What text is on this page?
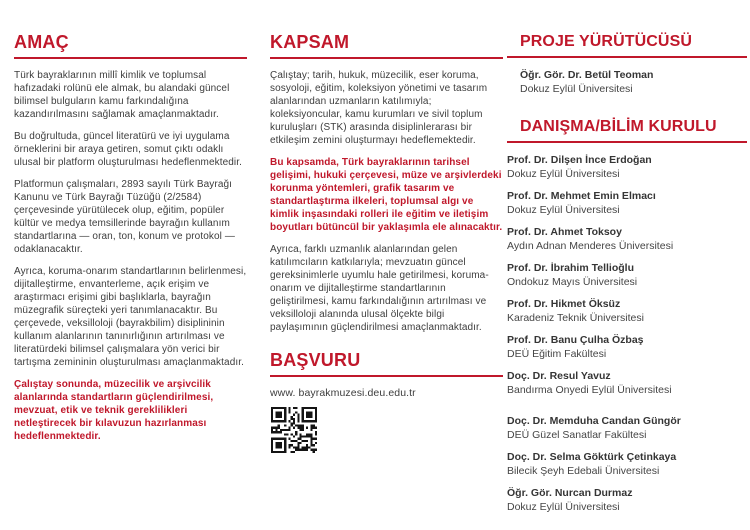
AMAÇ

Türk bayraklarının millî kimlik ve toplumsal hafızadaki rolünü ele almak, bu alandaki güncel bilimsel bulguların kamu farkındalığına kazandırılmasını sağlamak amaçlanmaktadır.

Bu doğrultuda, güncel literatürü ve iyi uygulama örneklerini bir araya getiren, somut çıktı odaklı ulusal bir platform oluşturulması hedeflenmektedir.

Platformun çalışmaları, 2893 sayılı Türk Bayrağı Kanunu ve Türk Bayrağı Tüzüğü (2/2584) çerçevesinde yürütülecek olup, eğitim, popüler kültür ve medya temsillerinde bayrağın kullanım standartlarına — oran, ton, konum ve protokol — odaklanacaktır.

Ayrıca, koruma-onarım standartlarının belirlenmesi, dijitalleştirme, envanterleme, açık erişim ve araştırmacı erişimi gibi başlıklarla, bayrağın müzegrafik süreçteki yeri tanımlanacaktır. Bu çerçevede, veksilloloji (bayrakbilim) disiplininin kullanım alanlarının tanınırlığının artırılması ve literatürdeki bilimsel çalışmalara yön verici bir tartışma zemininin oluşturulması amaçlanmaktadır.

Çalıştay sonunda, müzecilik ve arşivcilik alanlarında standartların güçlendirilmesi, mevzuat, etik ve teknik gereklilikleri netleştirecek bir kılavuzun hazırlanması hedeflenmektedir.

KAPSAM

Çalıştay; tarih, hukuk, müzecilik, eser koruma, sosyoloji, eğitim, koleksiyon yönetimi ve tasarım alanlarından uzmanların katılımıyla; koleksiyoncular, kamu kurumları ve sivil toplum kuruluşları (STK) arasında disiplinlerarası bir etkileşim zemini oluşturmayı hedeflemektedir.

Bu kapsamda, Türk bayraklarının tarihsel gelişimi, hukuki çerçevesi, müze ve arşivlerdeki korunma yöntemleri, grafik tasarım ve standartlaştırma ilkeleri, toplumsal algı ve kimlik inşasındaki rolleri ile eğitim ve iletişim boyutları bütüncül bir yaklaşımla ele alınacaktır.

Ayrıca, farklı uzmanlık alanlarından gelen katılımcıların katkılarıyla; mevzuatın güncel gereksinimlerle uyumlu hale getirilmesi, koruma-onarım ve dijitalleştirme standartlarının geliştirilmesi, kamu farkındalığının artırılması ve veksilloloji alanında ulusal ölçekte bilgi paylaşımının güçlendirilmesi amaçlanmaktadır.

BAŞVURU
www. bayrakmuzesi.deu.edu.tr
PROJE YÜRÜTÜCÜSÜ
Öğr. Gör. Dr. Betül Teoman
Dokuz Eylül Üniversitesi
DANIŞMA/BİLİM KURULU
Prof. Dr. Dilşen İnce Erdoğan
Dokuz Eylül Üniversitesi
Prof. Dr. Mehmet Emin Elmacı
Dokuz Eylül Üniversitesi
Prof. Dr. Ahmet Toksoy
Aydın Adnan Menderes Üniversitesi
Prof. Dr. İbrahim Tellioğlu
Ondokuz Mayıs Üniversitesi
Prof. Dr. Hikmet Öksüz
Karadeniz Teknik Üniversitesi
Prof. Dr. Banu Çulha Özbaş
DEÜ Eğitim Fakültesi
Doç. Dr. Resul Yavuz
Bandırma Onyedi Eylül Üniversitesi
Doç. Dr. Memduha Candan Güngör
DEÜ Güzel Sanatlar Fakültesi
Doç. Dr. Selma Göktürk Çetinkaya
Bilecik Şeyh Edebali Üniversitesi
Öğr. Gör. Nurcan Durmaz
Dokuz Eylül Üniversitesi
